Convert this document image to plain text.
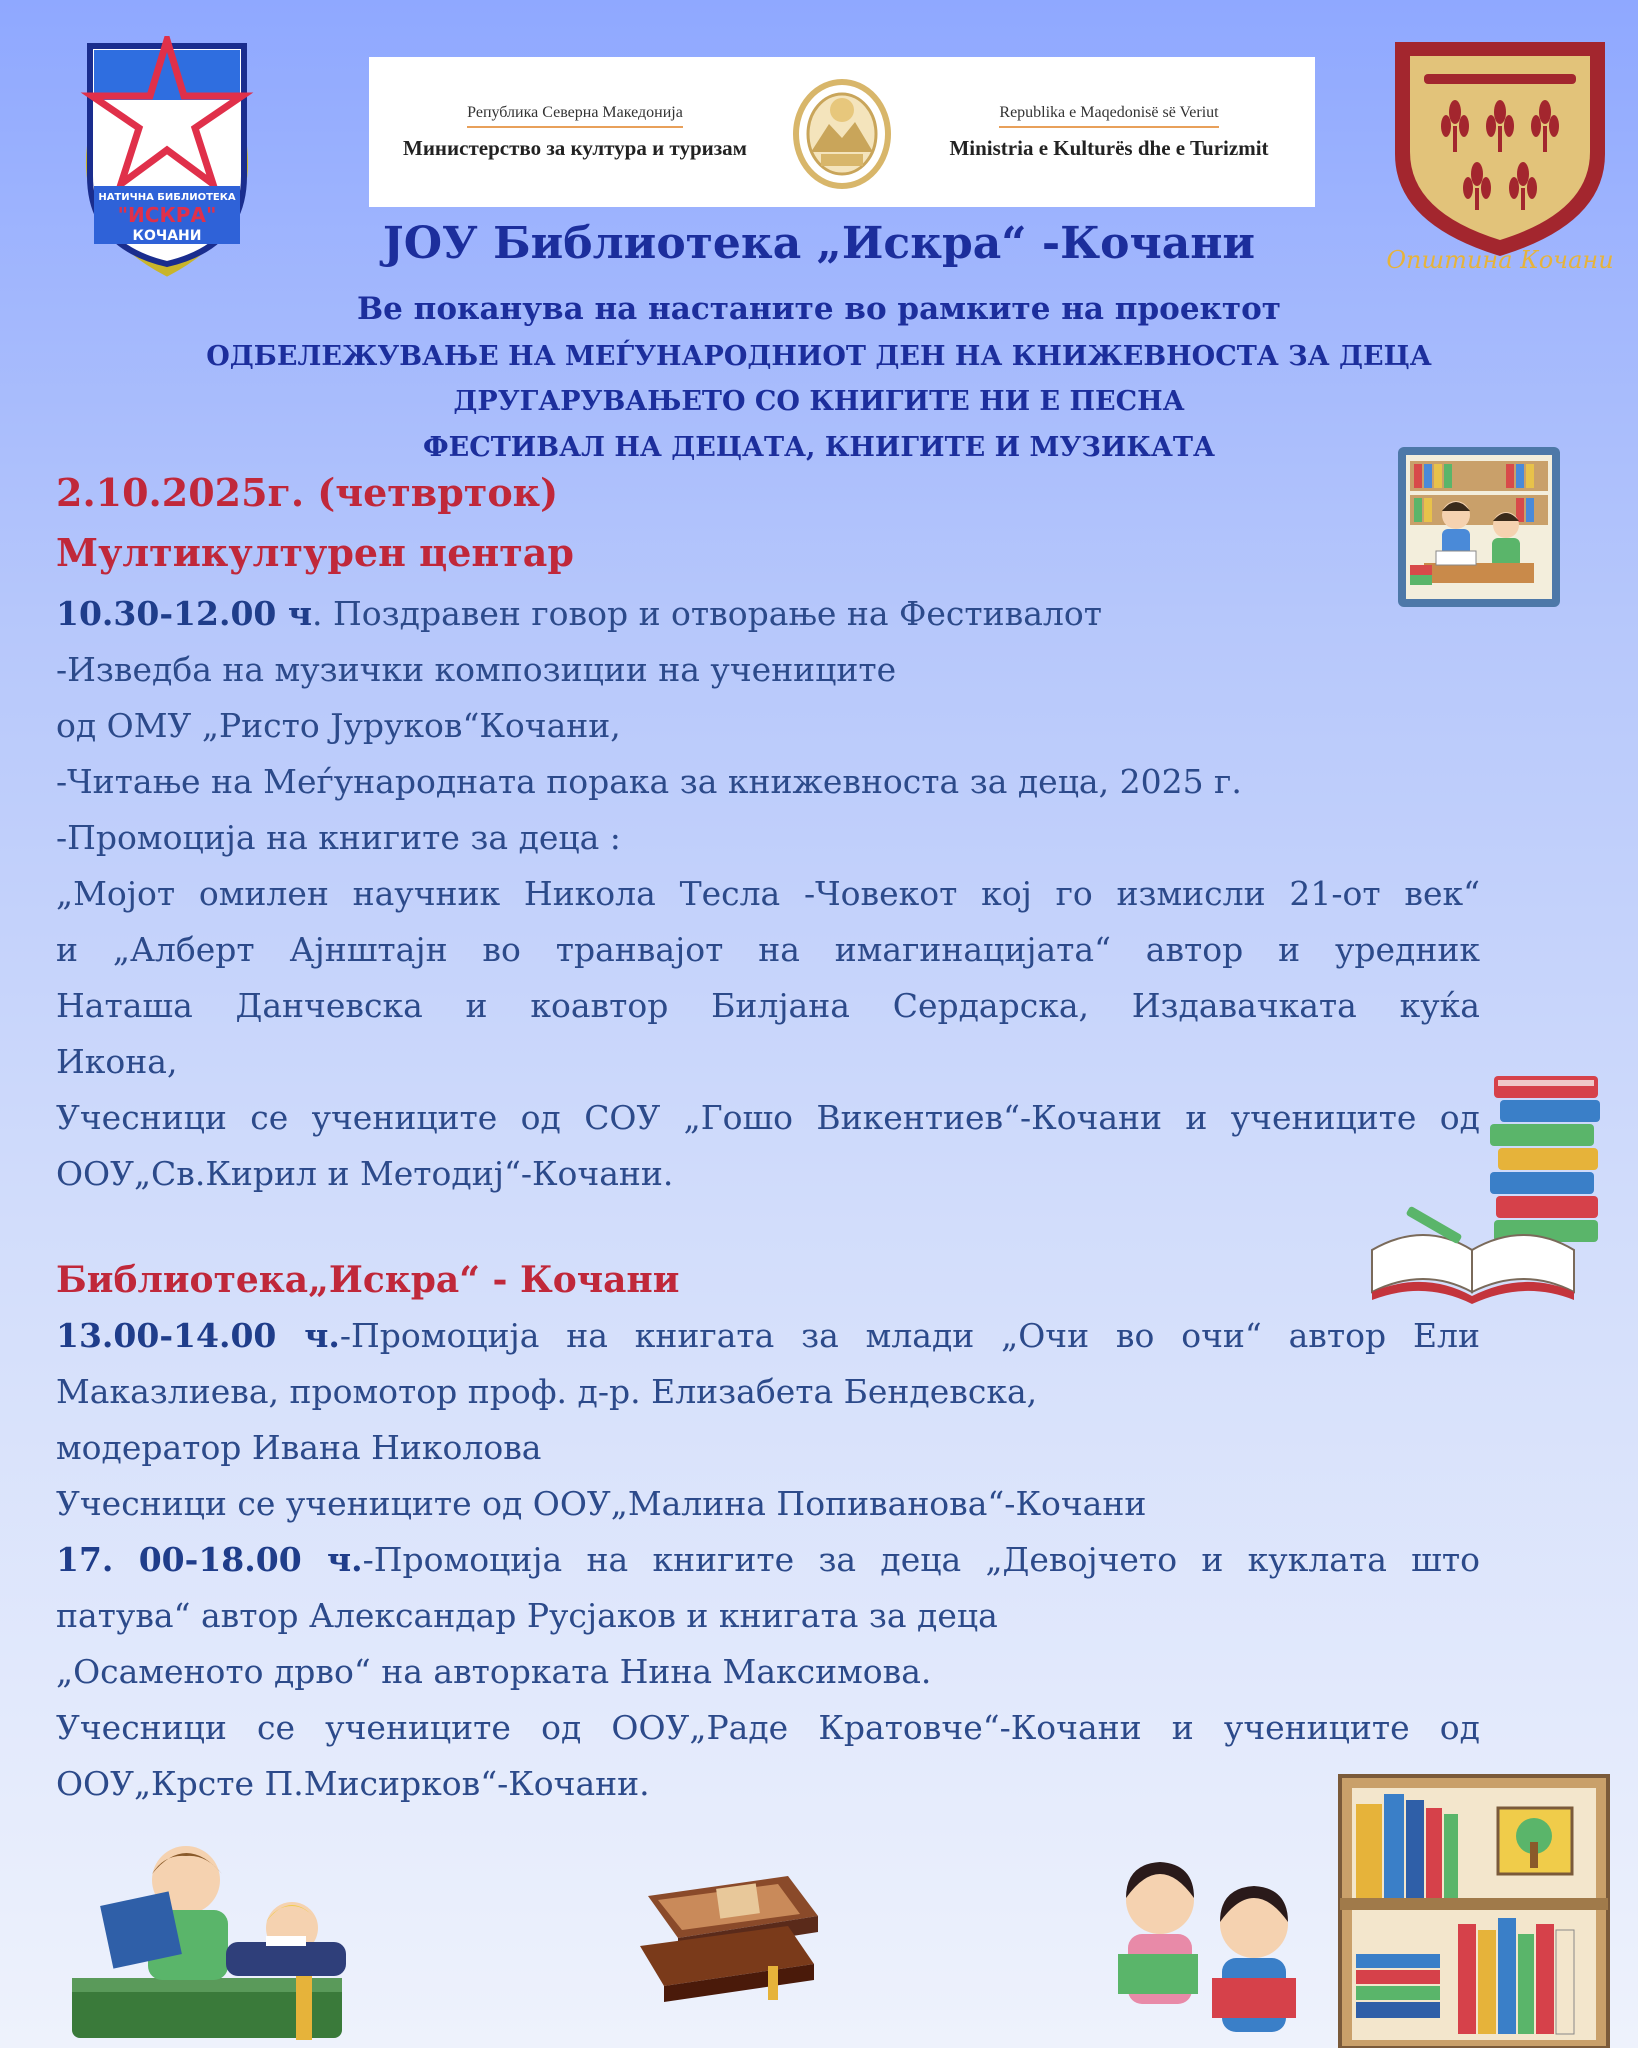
НАТИЧНА БИБЛИОТЕКА
"ИСКРА"
КОЧАНИ
Република Северна Македонија
Министерство за култура и туризам
Republika e Maqedonisë së Veriut
Ministria e Kulturës dhe e Turizmit
Општина Кочани
ЈОУ Библиотека „Искра“ -Кочани
Ве поканува на настаните во рамките на проектот
ОДБЕЛЕЖУВАЊЕ НА МЕЃУНАРОДНИОТ ДЕН НА КНИЖЕВНОСТА ЗА ДЕЦА
ДРУГАРУВАЊЕТО СО КНИГИТЕ НИ Е ПЕСНА
ФЕСТИВАЛ НА ДЕЦАТА, КНИГИТЕ И МУЗИКАТА
2.10.2025г. (четврток)
Мултикултурен центар
10.30-12.00 ч. Поздравен говор и отворање на Фестивалот
-Изведба на музички композиции на учениците
од ОМУ „Ристо Јуруков“Кочани,
-Читање на Меѓународната порака за книжевноста за деца, 2025 г.
-Промоција на книгите за деца :
„Мојот омилен научник Никола Тесла -Човекот кој го измисли 21-от век“
и „Алберт Ајнштајн во транвајот на имагинацијата“ автор и уредник
Наташа Данчевска и коавтор Билјана Сердарска, Издавачката куќа
Икона,
Учесници се учениците од СОУ „Гошо Викентиев“-Кочани и учениците од
ООУ„Св.Кирил и Методиј“-Кочани.
Библиотека„Искра“ - Кочани
13.00-14.00 ч.-Промоција на книгата за млади „Очи во очи“ автор Ели
Маказлиева, промотор проф. д-р. Елизабета Бендевска,
модератор Ивана Николова
Учесници се учениците од ООУ„Малина Попиванова“-Кочани
17. 00-18.00 ч.-Промоција на книгите за деца „Девојчето и куклата што
патува“ автор Александар Русјаков и книгата за деца
„Осаменото дрво“ на авторката Нина Максимова.
Учесници се учениците од ООУ„Раде Кратовче“-Кочани и учениците од
ООУ„Крсте П.Мисирков“-Кочани.
